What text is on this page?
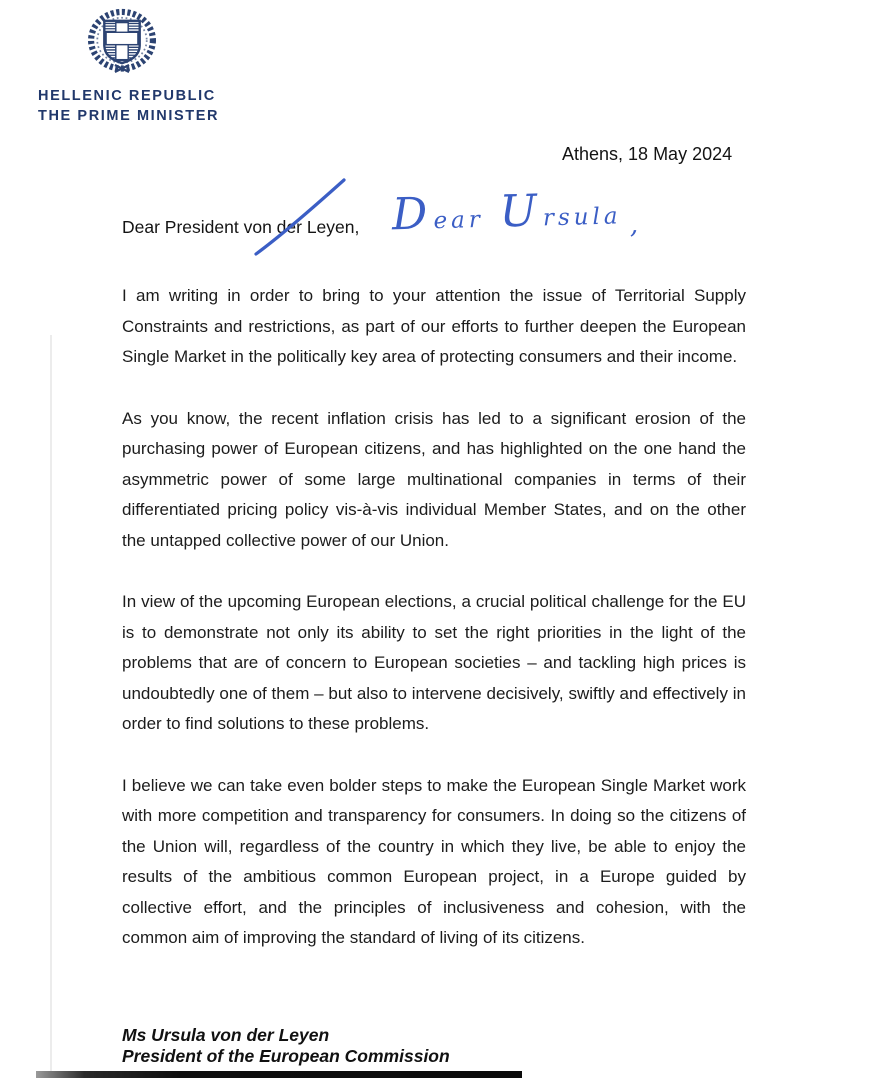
HELLENIC REPUBLIC
THE PRIME MINISTER
Athens, 18 May 2024
Dear President von der Leyen, Dear Ursula ,

I am writing in order to bring to your attention the issue of Territorial Supply Constraints and restrictions, as part of our efforts to further deepen the European Single Market in the politically key area of protecting consumers and their income.

As you know, the recent inflation crisis has led to a significant erosion of the purchasing power of European citizens, and has highlighted on the one hand the asymmetric power of some large multinational companies in terms of their differentiated pricing policy vis-à-vis individual Member States, and on the other the untapped collective power of our Union.

In view of the upcoming European elections, a crucial political challenge for the EU is to demonstrate not only its ability to set the right priorities in the light of the problems that are of concern to European societies – and tackling high prices is undoubtedly one of them – but also to intervene decisively, swiftly and effectively in order to find solutions to these problems.

I believe we can take even bolder steps to make the European Single Market work with more competition and transparency for consumers. In doing so the citizens of the Union will, regardless of the country in which they live, be able to enjoy the results of the ambitious common European project, in a Europe guided by collective effort, and the principles of inclusiveness and cohesion, with the common aim of improving the standard of living of its citizens.

Ms Ursula von der Leyen
President of the European Commission
